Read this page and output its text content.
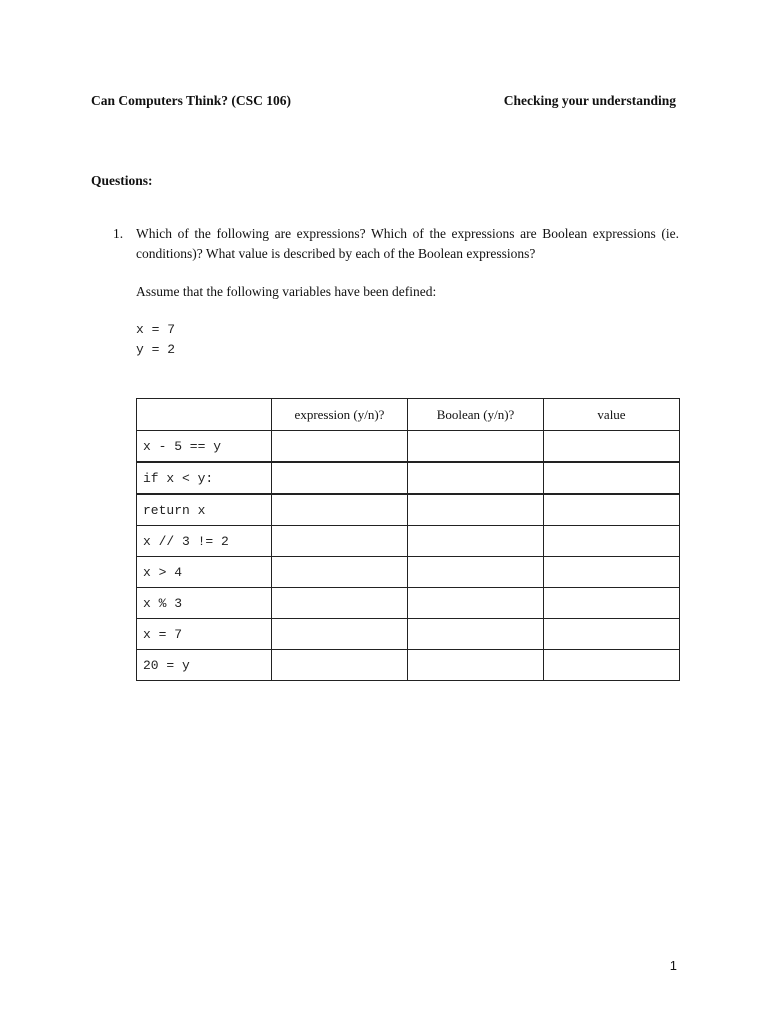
Can Computers Think? (CSC 106)	Checking your understanding
Questions:
1. Which of the following are expressions? Which of the expressions are Boolean expressions (ie. conditions)? What value is described by each of the Boolean expressions?
Assume that the following variables have been defined:
x = 7
y = 2
	expression (y/n)?	Boolean (y/n)?	value
x - 5 == y			
if x < y:			
return x			
x // 3 != 2			
x > 4			
x % 3			
x = 7			
20 = y			
1
